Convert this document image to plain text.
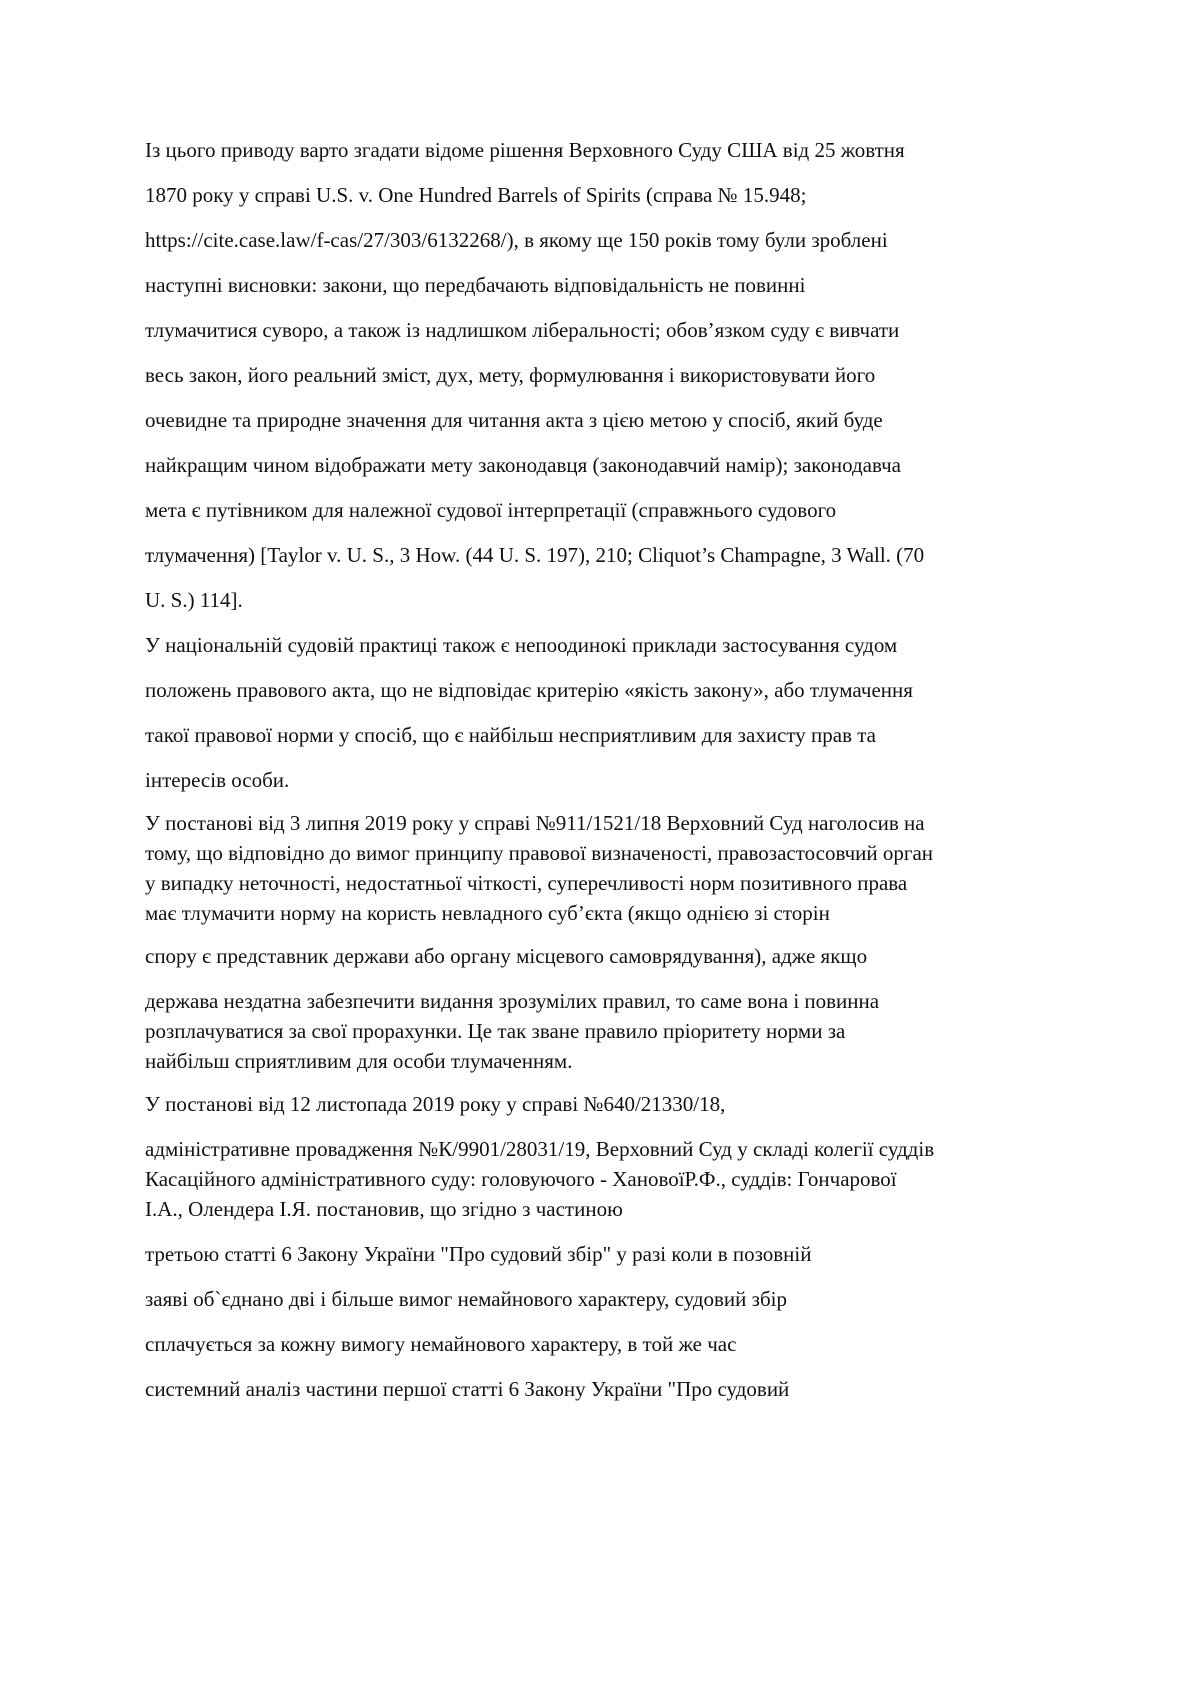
Із цього приводу варто згадати відоме рішення Верховного Суду США від 25 жовтня

1870 року у справі U.S. v. One Hundred Barrels of Spirits (справа № 15.948;

https://cite.case.law/f-cas/27/303/6132268/), в якому ще 150 років тому були зроблені

наступні висновки: закони, що передбачають відповідальність не повинні

тлумачитися суворо, а також із надлишком ліберальності; обов’язком суду є вивчати

весь закон, його реальний зміст, дух, мету, формулювання і використовувати його

очевидне та природне значення для читання акта з цією метою у спосіб, який буде

найкращим чином відображати мету законодавця (законодавчий намір); законодавча

мета є путівником для належної судової інтерпретації (справжнього судового

тлумачення) [Taylor v. U. S., 3 How. (44 U. S. 197), 210; Cliquot’s Champagne, 3 Wall. (70

U. S.) 114].

У національній судовій практиці також є непоодинокі приклади застосування судом

положень правового акта, що не відповідає критерію «якість закону», або тлумачення

такої правової норми у спосіб, що є найбільш несприятливим для захисту прав та

інтересів особи.

У постанові від 3 липня 2019 року у справі №911/1521/18 Верховний Суд наголосив на

тому, що відповідно до вимог принципу правової визначеності, правозастосовчий орган

у випадку неточності, недостатньої чіткості, суперечливості норм позитивного права

має тлумачити норму на користь невладного суб’єкта (якщо однією зі сторін

спору є представник держави або органу місцевого самоврядування), адже якщо

держава нездатна забезпечити видання зрозумілих правил, то саме вона і повинна

розплачуватися за свої прорахунки. Це так зване правило пріоритету норми за

найбільш сприятливим для особи тлумаченням.

У постанові від 12 листопада 2019 року у справі №640/21330/18,

адміністративне провадження №К/9901/28031/19, Верховний Суд у складі колегії суддів

Касаційного адміністративного суду: головуючого - ХановоїР.Ф., суддів: Гончарової

І.А., Олендера І.Я. постановив, що згідно з частиною

третьою статті 6 Закону України "Про судовий збір" у разі коли в позовній

заяві об`єднано дві і більше вимог немайнового характеру, судовий збір

сплачується за кожну вимогу немайнового характеру, в той же час

системний аналіз частини першої статті 6 Закону України "Про судовий
